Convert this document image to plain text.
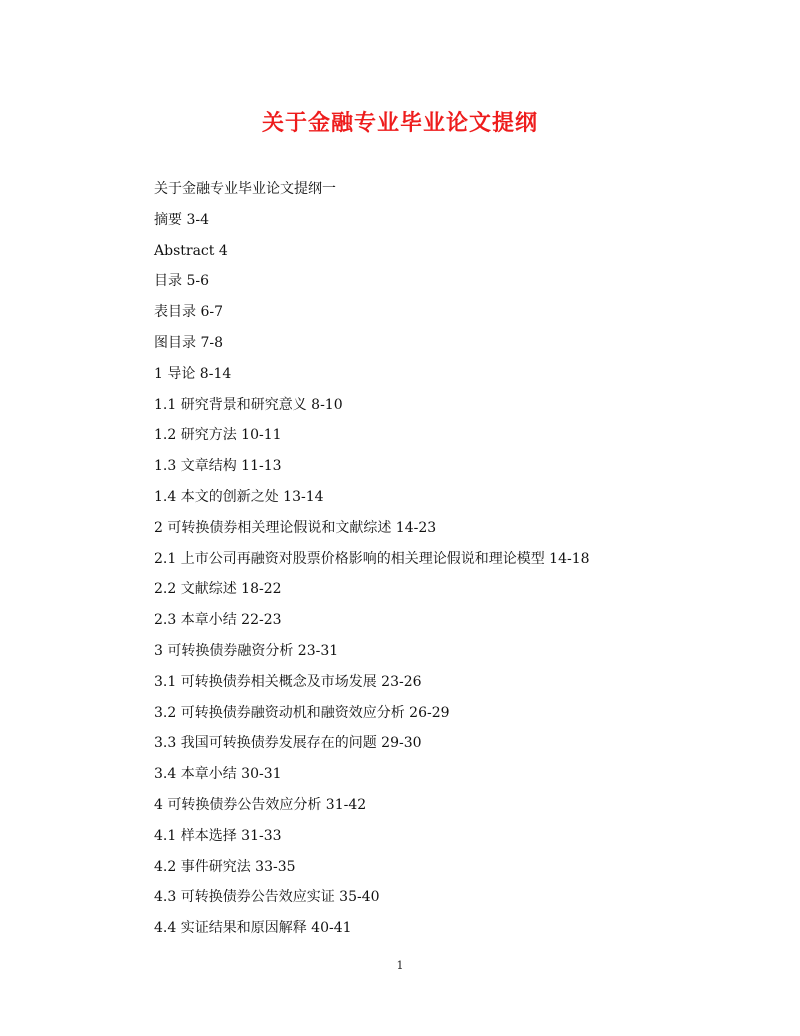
关于金融专业毕业论文提纲
关于金融专业毕业论文提纲一
摘要 3-4
Abstract 4
目录 5-6
表目录 6-7
图目录 7-8
1 导论 8-14
1.1 研究背景和研究意义 8-10
1.2 研究方法 10-11
1.3 文章结构 11-13
1.4 本文的创新之处 13-14
2 可转换债券相关理论假说和文献综述 14-23
2.1 上市公司再融资对股票价格影响的相关理论假说和理论模型 14-18
2.2 文献综述 18-22
2.3 本章小结 22-23
3 可转换债券融资分析 23-31
3.1 可转换债券相关概念及市场发展 23-26
3.2 可转换债券融资动机和融资效应分析 26-29
3.3 我国可转换债券发展存在的问题 29-30
3.4 本章小结 30-31
4 可转换债券公告效应分析 31-42
4.1 样本选择 31-33
4.2 事件研究法 33-35
4.3 可转换债券公告效应实证 35-40
4.4 实证结果和原因解释 40-41
1
